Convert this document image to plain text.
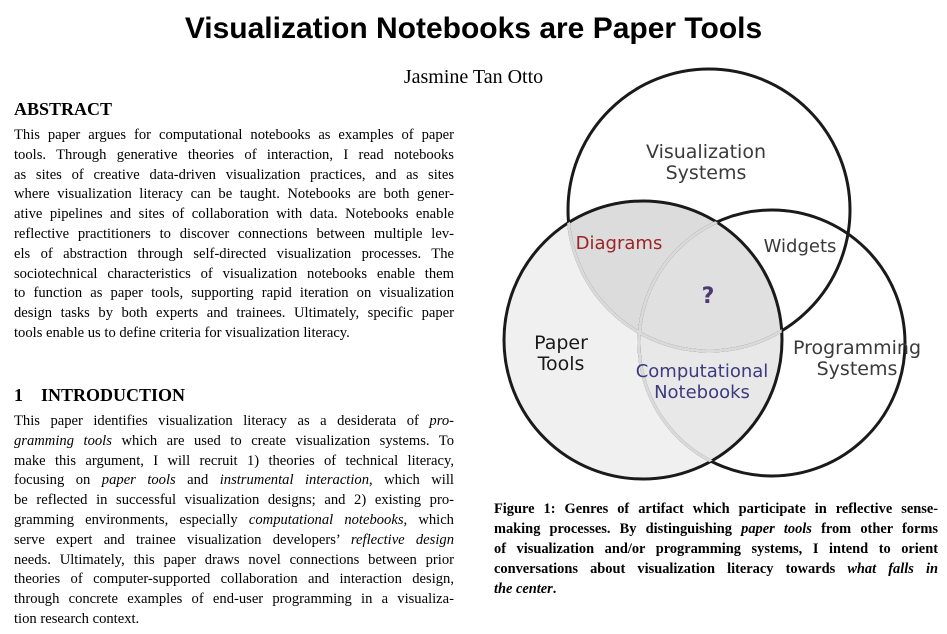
Visualization Notebooks are Paper Tools
Jasmine Tan Otto
ABSTRACT
This paper argues for computational notebooks as examples of paper
tools. Through generative theories of interaction, I read notebooks
as sites of creative data-driven visualization practices, and as sites
where visualization literacy can be taught. Notebooks are both gener-
ative pipelines and sites of collaboration with data. Notebooks enable
reflective practitioners to discover connections between multiple lev-
els of abstraction through self-directed visualization processes. The
sociotechnical characteristics of visualization notebooks enable them
to function as paper tools, supporting rapid iteration on visualization
design tasks by both experts and trainees. Ultimately, specific paper
tools enable us to define criteria for visualization literacy.
1 INTRODUCTION
This paper identifies visualization literacy as a desiderata of pro-
gramming tools which are used to create visualization systems. To
make this argument, I will recruit 1) theories of technical literacy,
focusing on paper tools and instrumental interaction, which will
be reflected in successful visualization designs; and 2) existing pro-
gramming environments, especially computational notebooks, which
serve expert and trainee visualization developers’ reflective design
needs. Ultimately, this paper draws novel connections between prior
theories of computer-supported collaboration and interaction design,
through concrete examples of end-user programming in a visualiza-
tion research context.
Visualization
Systems
Diagrams	Widgets
?
Paper
Tools	Computational
Notebooks
Programming
Systems
Figure 1: Genres of artifact which participate in reflective sense-
making processes. By distinguishing paper tools from other forms
of visualization and/or programming systems, I intend to orient
conversations about visualization literacy towards what falls in
the center.
